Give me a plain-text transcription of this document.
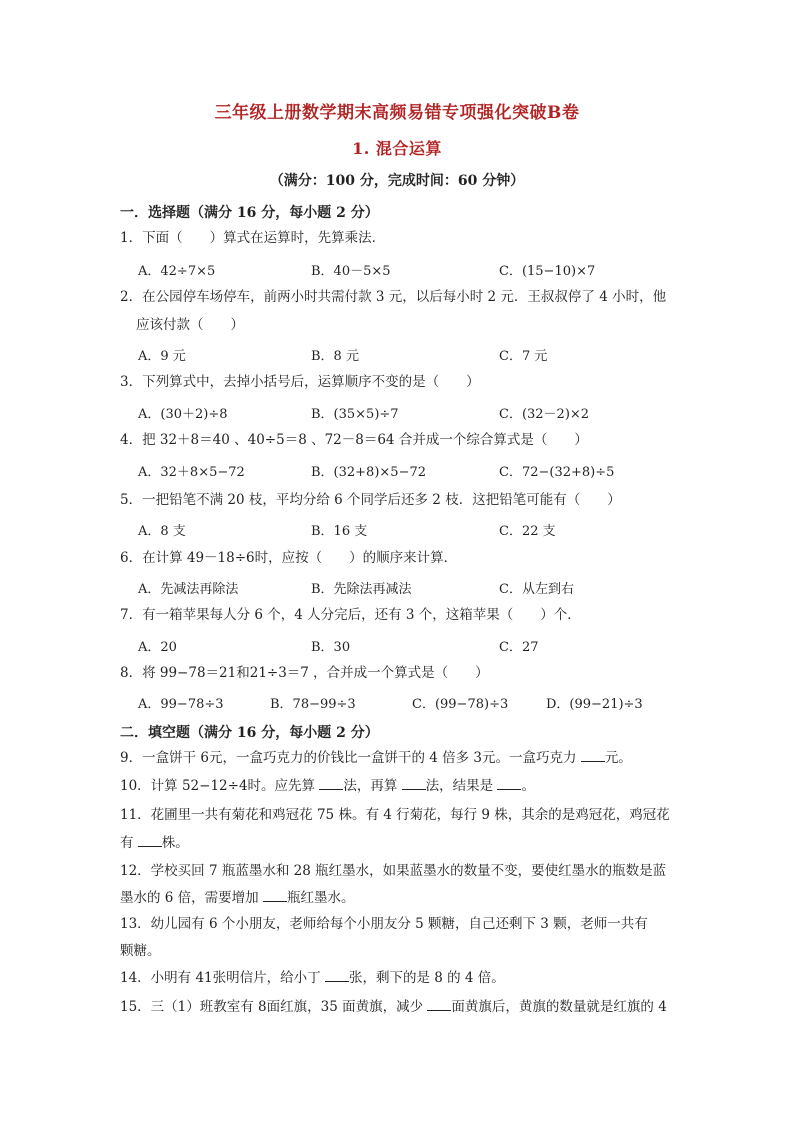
三年级上册数学期末高频易错专项强化突破B卷
1. 混合运算
（满分：100 分，完成时间：60 分钟）
一．选择题（满分 16 分，每小题 2 分）
1．下面（　　）算式在运算时，先算乘法．
A．42÷7×5	B．40－5×5	C．(15−10)×7
2．在公园停车场停车，前两小时共需付款 3 元，以后每小时 2 元．王叔叔停了 4 小时，他
应该付款（　　）
A．9 元	B．8 元	C．7 元
3．下列算式中，去掉小括号后，运算顺序不变的是（　　）
A．(30＋2)÷8	B．(35×5)÷7	C．(32－2)×2
4．把 32＋8＝40 、40÷5＝8 、72－8＝64 合并成一个综合算式是（　　）
A．32＋8×5−72	B．(32+8)×5−72	C．72−(32+8)÷5
5．一把铅笔不满 20 枝，平均分给 6 个同学后还多 2 枝．这把铅笔可能有（　　）
A．8 支	B．16 支	C．22 支
6．在计算 49－18÷6时，应按（　　）的顺序来计算．
A．先减法再除法	B．先除法再减法	C．从左到右
7．有一箱苹果每人分 6 个，4 人分完后，还有 3 个，这箱苹果（　　）个．
A．20	B．30	C．27
8．将 99−78＝21和21÷3＝7 ，合并成一个算式是（　　）
A．99−78÷3	B．78−99÷3	C．(99−78)÷3	D．(99−21)÷3
二．填空题（满分 16 分，每小题 2 分）
9．一盒饼干 6元，一盒巧克力的价钱比一盒饼干的 4 倍多 3元。一盒巧克力 元。
10．计算 52−12÷4时。应先算 法，再算 法，结果是 。
11．花圃里一共有菊花和鸡冠花 75 株。有 4 行菊花，每行 9 株，其余的是鸡冠花，鸡冠花
有 株。
12．学校买回 7 瓶蓝墨水和 28 瓶红墨水，如果蓝墨水的数量不变，要使红墨水的瓶数是蓝
墨水的 6 倍，需要增加 瓶红墨水。
13．幼儿园有 6 个小朋友，老师给每个小朋友分 5 颗糖，自己还剩下 3 颗，老师一共有
颗糖。
14．小明有 41张明信片，给小丁 张，剩下的是 8 的 4 倍。
15．三（1）班教室有 8面红旗，35 面黄旗，减少 面黄旗后，黄旗的数量就是红旗的 4
